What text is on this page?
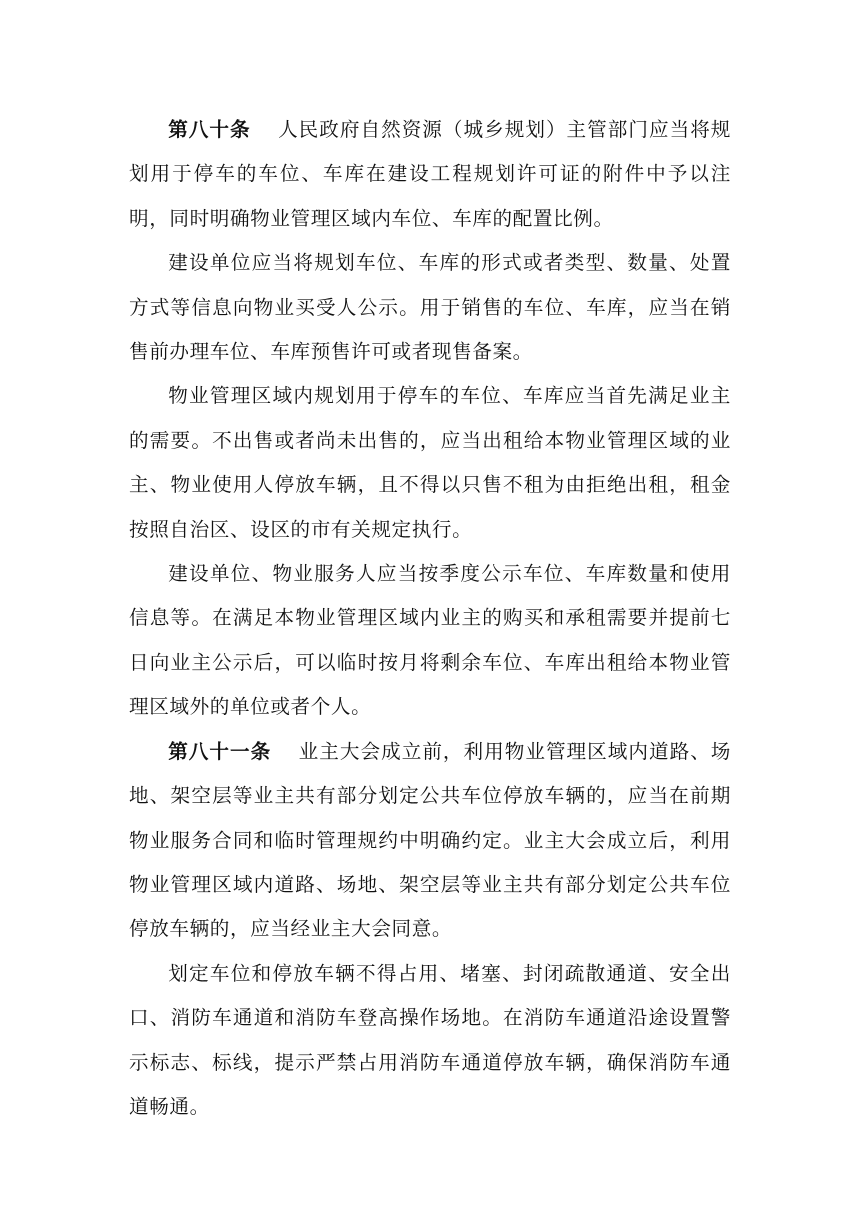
第八十条 人民政府自然资源（城乡规划）主管部门应当将规划用于停车的车位、车库在建设工程规划许可证的附件中予以注明，同时明确物业管理区域内车位、车库的配置比例。

建设单位应当将规划车位、车库的形式或者类型、数量、处置方式等信息向物业买受人公示。用于销售的车位、车库，应当在销售前办理车位、车库预售许可或者现售备案。

物业管理区域内规划用于停车的车位、车库应当首先满足业主的需要。不出售或者尚未出售的，应当出租给本物业管理区域的业主、物业使用人停放车辆，且不得以只售不租为由拒绝出租，租金按照自治区、设区的市有关规定执行。

建设单位、物业服务人应当按季度公示车位、车库数量和使用信息等。在满足本物业管理区域内业主的购买和承租需要并提前七日向业主公示后，可以临时按月将剩余车位、车库出租给本物业管理区域外的单位或者个人。

第八十一条 业主大会成立前，利用物业管理区域内道路、场地、架空层等业主共有部分划定公共车位停放车辆的，应当在前期物业服务合同和临时管理规约中明确约定。业主大会成立后，利用物业管理区域内道路、场地、架空层等业主共有部分划定公共车位停放车辆的，应当经业主大会同意。

划定车位和停放车辆不得占用、堵塞、封闭疏散通道、安全出口、消防车通道和消防车登高操作场地。在消防车通道沿途设置警示标志、标线，提示严禁占用消防车通道停放车辆，确保消防车通道畅通。
